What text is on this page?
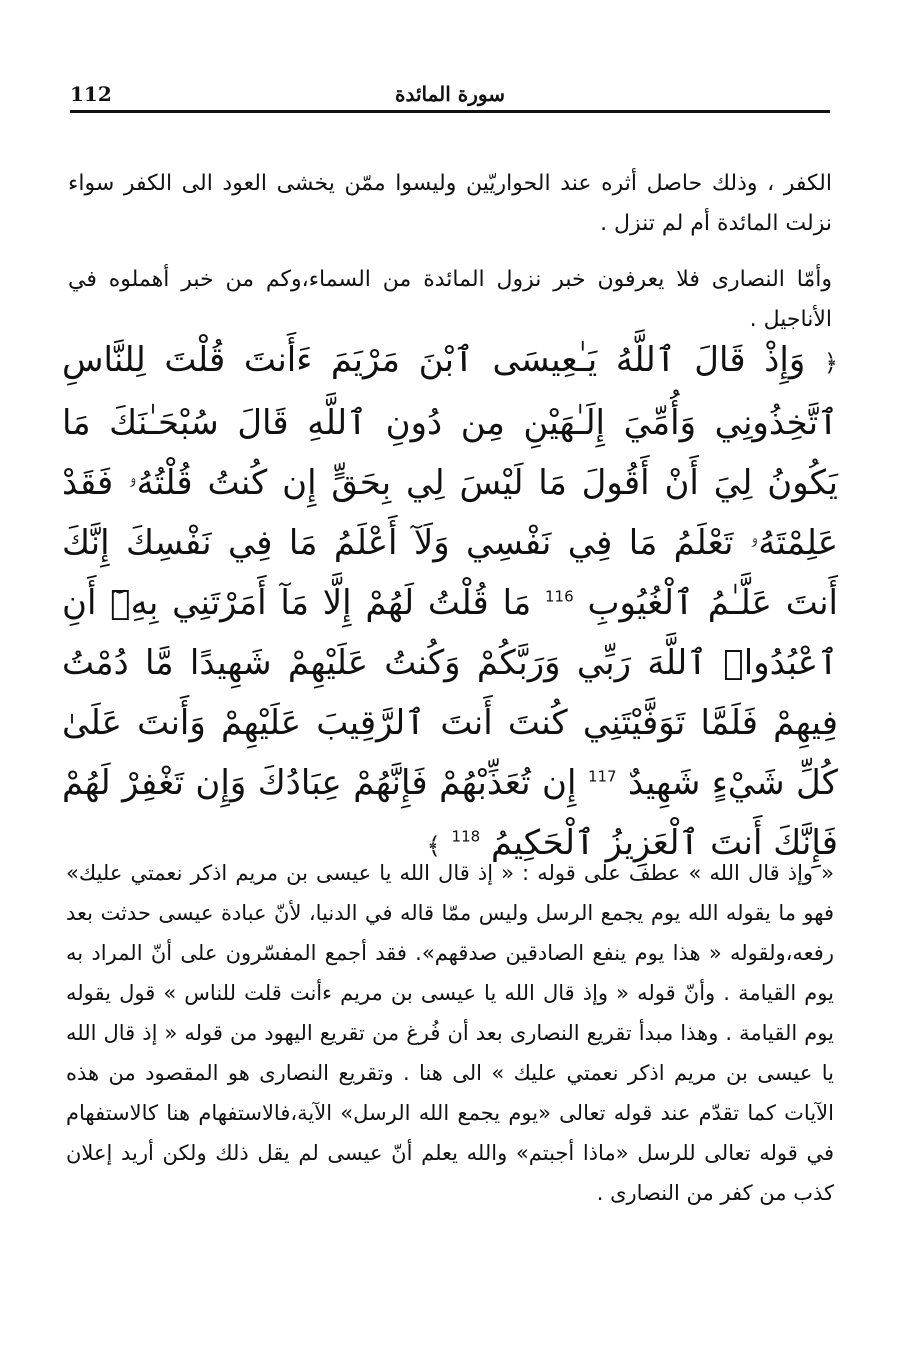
112	سورة المائدة

الكفر ، وذلك حاصل أثره عند الحواريّين وليسوا ممّن يخشى العود الى الكفر سواء نزلت المائدة أم لم تنزل .

وأمّا النصارى فلا يعرفون خبر نزول المائدة من السماء،وكم من خبر أهملوه في الأناجيل .

﴿ وَإِذْ قَالَ ٱللَّهُ يَـٰعِيسَى ٱبْنَ مَرْيَمَ ءَأَنتَ قُلْتَ لِلنَّاسِ ٱتَّخِذُونِي وَأُمِّيَ إِلَـٰهَيْنِ مِن دُونِ ٱللَّهِ قَالَ سُبْحَـٰنَكَ مَا يَكُونُ لِيَ أَنْ أَقُولَ مَا لَيْسَ لِي بِحَقٍّ إِن كُنتُ قُلْتُهُۥ فَقَدْ عَلِمْتَهُۥ تَعْلَمُ مَا فِي نَفْسِي وَلَآ أَعْلَمُ مَا فِي نَفْسِكَ إِنَّكَ أَنتَ عَلَّـٰمُ ٱلْغُيُوبِ $^{116}$ مَا قُلْتُ لَهُمْ إِلَّا مَآ أَمَرْتَنِي بِهِۦٓ أَنِ ٱعْبُدُوا۟ ٱللَّهَ رَبِّي وَرَبَّكُمْ وَكُنتُ عَلَيْهِمْ شَهِيدًا مَّا دُمْتُ فِيهِمْ فَلَمَّا تَوَفَّيْتَنِي كُنتَ أَنتَ ٱلرَّقِيبَ عَلَيْهِمْ وَأَنتَ عَلَىٰ كُلِّ شَيْءٍ شَهِيدٌ $^{117}$ إِن تُعَذِّبْهُمْ فَإِنَّهُمْ عِبَادُكَ وَإِن تَغْفِرْ لَهُمْ فَإِنَّكَ أَنتَ ٱلْعَزِيزُ ٱلْحَكِيمُ $^{118}$ ﴾

« وإذ قال الله » عطف على قوله : « إذ قال الله يا عيسى بن مريم اذكر نعمتي عليك» فهو ما يقوله الله يوم يجمع الرسل وليس ممّا قاله في الدنيا، لأنّ عبادة عيسى حدثت بعد رفعه،ولقوله « هذا يوم ينفع الصادقين صدقهم». فقد أجمع المفسّرون على أنّ المراد به يوم القيامة . وأنّ قوله « وإذ قال الله يا عيسى بن مريم ءأنت قلت للناس » قول يقوله يوم القيامة . وهذا مبدأ تقريع النصارى بعد أن فُرغ من تقريع اليهود من قوله « إذ قال الله يا عيسى بن مريم اذكر نعمتي عليك » الى هنا . وتقريع النصارى هو المقصود من هذه الآيات كما تقدّم عند قوله تعالى «يوم يجمع الله الرسل» الآية،فالاستفهام هنا كالاستفهام في قوله تعالى للرسل «ماذا أجبتم» والله يعلم أنّ عيسى لم يقل ذلك ولكن أريد إعلان كذب من كفر من النصارى .
